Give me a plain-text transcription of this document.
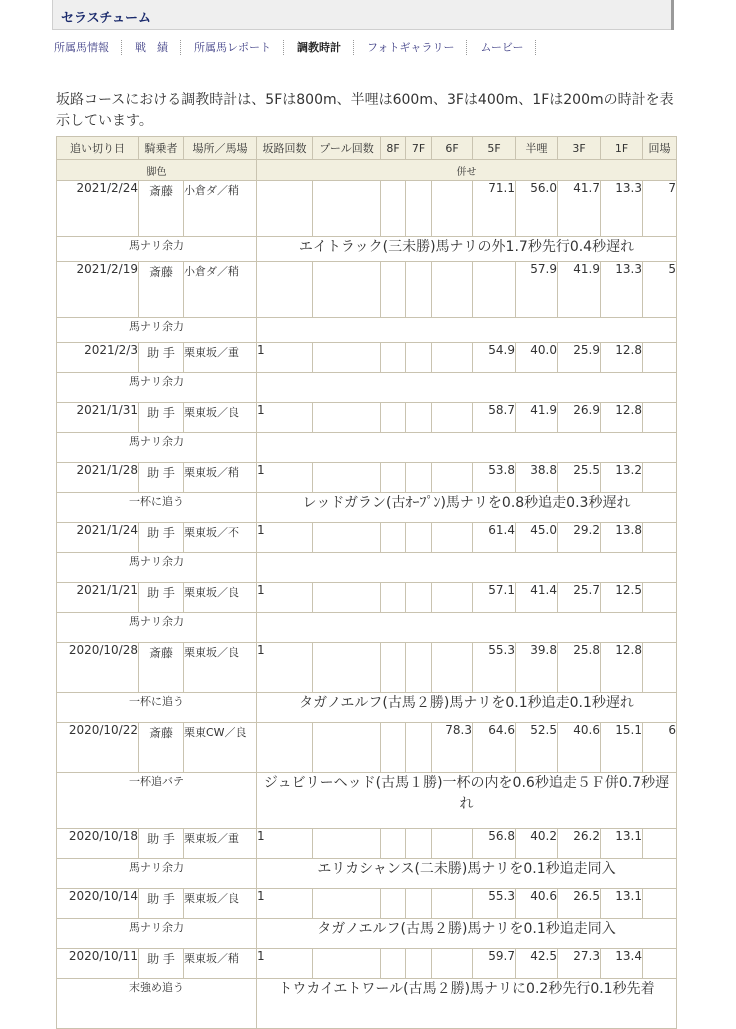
セラスチューム
所属馬情報	戦　績	所属馬レポート	調教時計	フォトギャラリー	ムービー
坂路コースにおける調教時計は、5Fは800m、半哩は600m、3Fは400m、1Fは200mの時計を表示しています。
追い切り日	騎乗者	場所／馬場	坂路回数	プール回数	8F	7F	6F	5F	半哩	3F	1F	回場
脚色			併せ									
2021/2/24	斎藤	小倉ダ／稍						71.1	56.0	41.7	13.3	7
馬ナリ余力			エイトラック(三未勝)馬ナリの外1.7秒先行0.4秒遅れ									
2021/2/19	斎藤	小倉ダ／稍							57.9	41.9	13.3	5
馬ナリ余力												
2021/2/3	助 手	栗東坂／重	1					54.9	40.0	25.9	12.8	
馬ナリ余力												
2021/1/31	助 手	栗東坂／良	1					58.7	41.9	26.9	12.8	
馬ナリ余力												
2021/1/28	助 手	栗東坂／稍	1					53.8	38.8	25.5	13.2	
一杯に追う			レッドガラン(古ｵｰﾌﾟﾝ)馬ナリを0.8秒追走0.3秒遅れ									
2021/1/24	助 手	栗東坂／不	1					61.4	45.0	29.2	13.8	
馬ナリ余力												
2021/1/21	助 手	栗東坂／良	1					57.1	41.4	25.7	12.5	
馬ナリ余力												
2020/10/28	斎藤	栗東坂／良	1					55.3	39.8	25.8	12.8	
一杯に追う			タガノエルフ(古馬２勝)馬ナリを0.1秒追走0.1秒遅れ									
2020/10/22	斎藤	栗東CW／良					78.3	64.6	52.5	40.6	15.1	6
一杯追バテ			ジュビリーヘッド(古馬１勝)一杯の内を0.6秒追走５Ｆ併0.7秒遅れ									
2020/10/18	助 手	栗東坂／重	1					56.8	40.2	26.2	13.1	
馬ナリ余力			エリカシャンス(二未勝)馬ナリを0.1秒追走同入									
2020/10/14	助 手	栗東坂／良	1					55.3	40.6	26.5	13.1	
馬ナリ余力			タガノエルフ(古馬２勝)馬ナリを0.1秒追走同入									
2020/10/11	助 手	栗東坂／稍	1					59.7	42.5	27.3	13.4	
末強め追う			トウカイエトワール(古馬２勝)馬ナリに0.2秒先行0.1秒先着									
